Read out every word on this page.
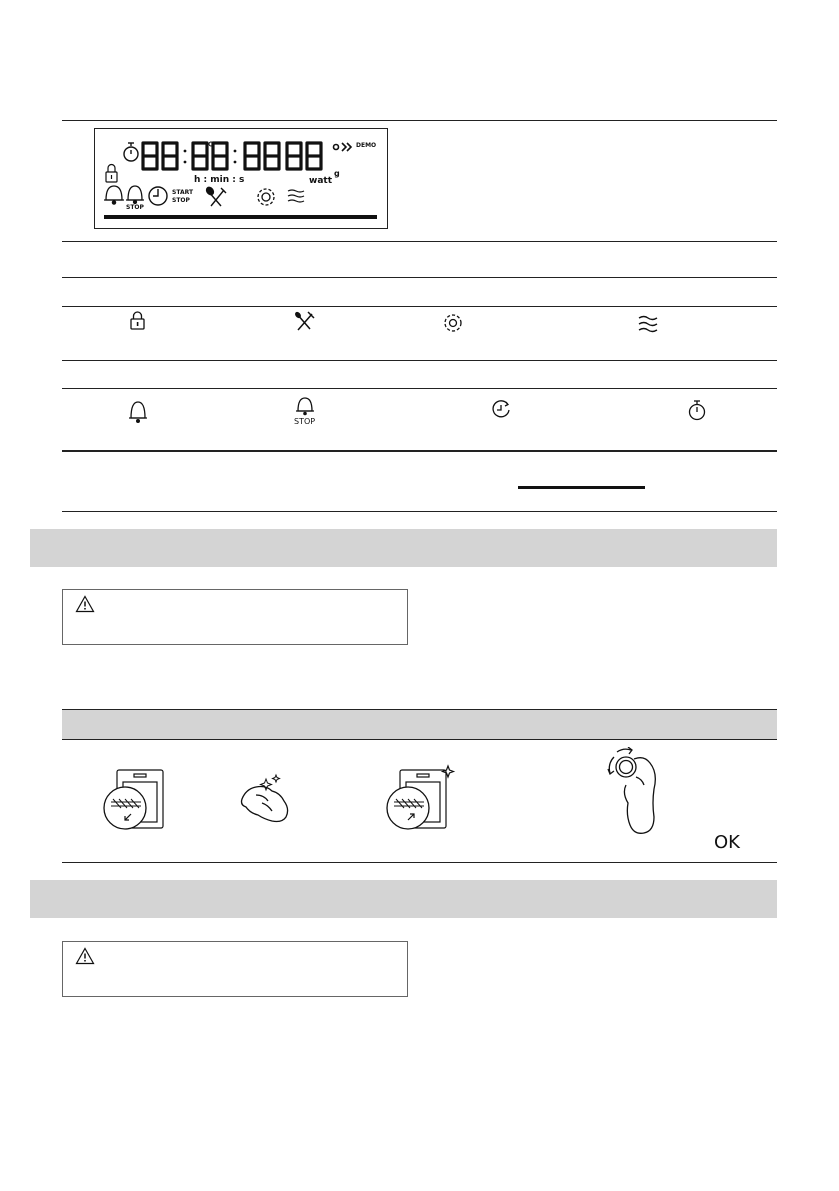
h : min : s	watt
g
DEMO
START
STOP
STOP
STOP
OK
